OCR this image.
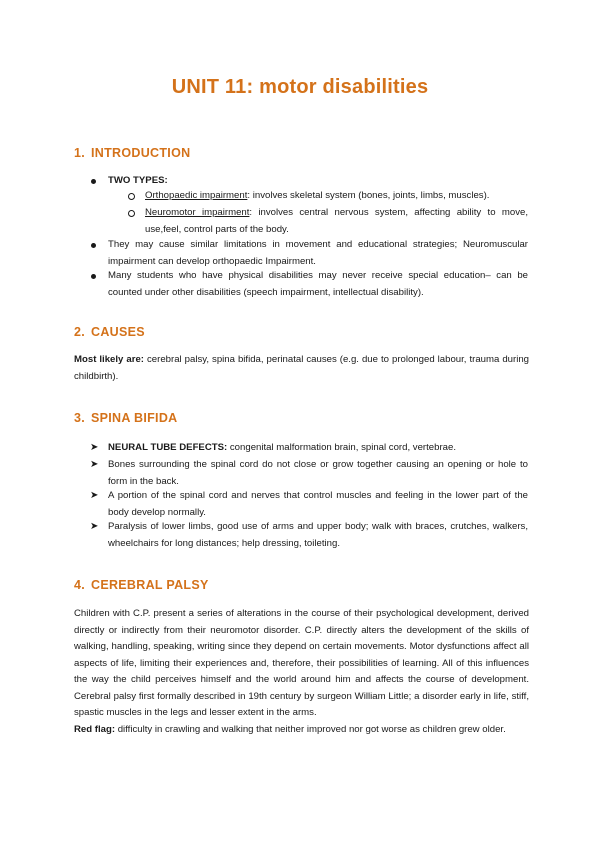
UNIT 11: motor disabilities
1. INTRODUCTION
TWO TYPES:
Orthopaedic impairment: involves skeletal system (bones, joints, limbs, muscles).
Neuromotor impairment: involves central nervous system, affecting ability to move, use,feel, control parts of the body.
They may cause similar limitations in movement and educational strategies; Neuromuscular impairment can develop orthopaedic Impairment.
Many students who have physical disabilities may never receive special education– can be counted under other disabilities (speech impairment, intellectual disability).
2. CAUSES
Most likely are: cerebral palsy, spina bifida, perinatal causes (e.g. due to prolonged labour, trauma during childbirth).
3. SPINA BIFIDA
➤	NEURAL TUBE DEFECTS: congenital malformation brain, spinal cord, vertebrae.
➤	Bones surrounding the spinal cord do not close or grow together causing an opening or hole to form in the back.
➤	A portion of the spinal cord and nerves that control muscles and feeling in the lower part of the body develop normally.
➤	Paralysis of lower limbs, good use of arms and upper body; walk with braces, crutches, walkers, wheelchairs for long distances; help dressing, toileting.
4. CEREBRAL PALSY
Children with C.P. present a series of alterations in the course of their psychological development, derived directly or indirectly from their neuromotor disorder. C.P. directly alters the development of the skills of walking, handling, speaking, writing since they depend on certain movements. Motor dysfunctions affect all aspects of life, limiting their experiences and, therefore, their possibilities of learning. All of this influences the way the child perceives himself and the world around him and affects the course of development. Cerebral palsy first formally described in 19th century by surgeon William Little; a disorder early in life, stiff, spastic muscles in the legs and lesser extent in the arms.
Red flag: difficulty in crawling and walking that neither improved nor got worse as children grew older.
